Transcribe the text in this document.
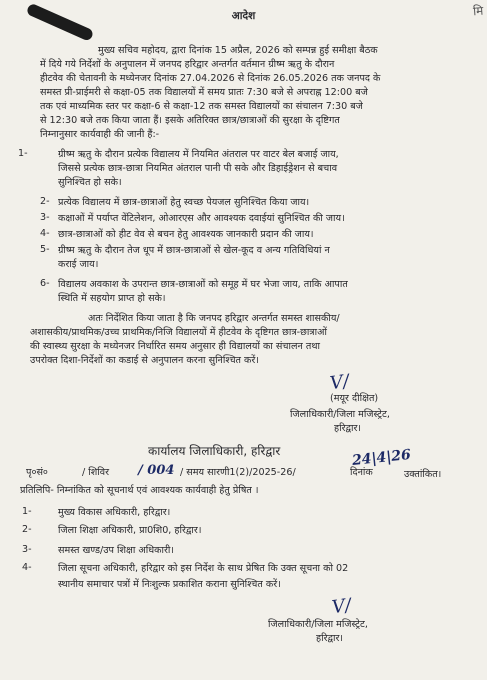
मि
आदेश
मुख्य सचिव महोदय, द्वारा दिनांक 15 अप्रैल, 2026 को सम्पन्न हुई समीक्षा बैठक
में दिये गये निर्देशों के अनुपालन में जनपद हरिद्वार अन्तर्गत वर्तमान ग्रीष्म ऋतु के दौरान
हीटवेव की चेतावनी के मध्येनजर दिनांक 27.04.2026 से दिनांक 26.05.2026 तक जनपद के
समस्त प्री-प्राईमरी से कक्षा-05 तक विद्यालयों में समय प्रातः 7:30 बजे से अपराह्न 12:00 बजे
तक एवं माध्यमिक स्तर पर कक्षा-6 से कक्षा-12 तक समस्त विद्यालयों का संचालन 7:30 बजे
से 12:30 बजे तक किया जाता हैं। इसके अतिरिक्त छात्र/छात्राओं की सुरक्षा के दृष्टिगत
निम्नानुसार कार्यवाही की जानी हैं:-
1-	ग्रीष्म ऋतु के दौरान प्रत्येक विद्यालय में नियमित अंतराल पर वाटर बेल बजाई जाय,
जिससे प्रत्येक छात्र-छात्रा नियमित अंतराल पानी पी सके और डिहाईड्रेशन से बचाव
सुनिश्चित हो सके।
2- प्रत्येक विद्यालय में छात्र-छात्राओं हेतु स्वच्छ पेयजल सुनिश्चित किया जाय।
3- कक्षाओं में पर्याप्त वेंटिलेशन, ओआरएस और आवश्यक दवाईयां सुनिश्चित की जाय।
4- छात्र-छात्राओं को हीट वेव से बचन हेतु आवश्यक जानकारी प्रदान की जाय।
5- ग्रीष्म ऋतु के दौरान तेज धूप में छात्र-छात्राओं से खेल-कूद व अन्य गतिविधियां न
कराई जाय।
6- विद्यालय अवकाश के उपरान्त छात्र-छात्राओं को समूह में घर भेजा जाय, ताकि आपात
स्थिति में सहयोग प्राप्त हो सके।
अतः निर्देशित किया जाता है कि जनपद हरिद्वार अन्तर्गत समस्त शासकीय/
अशासकीय/प्राथमिक/उच्च प्राथमिक/निजि विद्यालयों में हीटवेव के दृष्टिगत छात्र-छात्राओं
की स्वास्थ्य सुरक्षा के मध्येनजर निर्धारित समय अनुसार ही विद्यालयों का संचालन तथा
उपरोक्त दिशा-निर्देशों का कडाई से अनुपालन करना सुनिश्चित करें।
V/
(मयूर दीक्षित)
जिलाधिकारी/जिला मजिस्ट्रेट,
हरिद्वार।
कार्यालय जिलाधिकारी, हरिद्वार
पृ०सं०	/ शिविर / 004 / समय सारणी1(2)/2025-26/	दिनांक
24|4|26
उक्तांकित।
प्रतिलिपि- निम्नांकित को सूचनार्थ एवं आवश्यक कार्यवाही हेतु प्रेषित ।
1-	मुख्य विकास अधिकारी, हरिद्वार।
2-	जिला शिक्षा अधिकारी, प्रा0शि0, हरिद्वार।
3-	समस्त खण्ड/उप शिक्षा अधिकारी।
4-	जिला सूचना अधिकारी, हरिद्वार को इस निर्देश के साथ प्रेषित कि उक्त सूचना को 02
स्थानीय समाचार पत्रों में निःशुल्क प्रकाशित कराना सुनिश्चित करें।
V/
जिलाधिकारी/जिला मजिस्ट्रेट,
हरिद्वार।
